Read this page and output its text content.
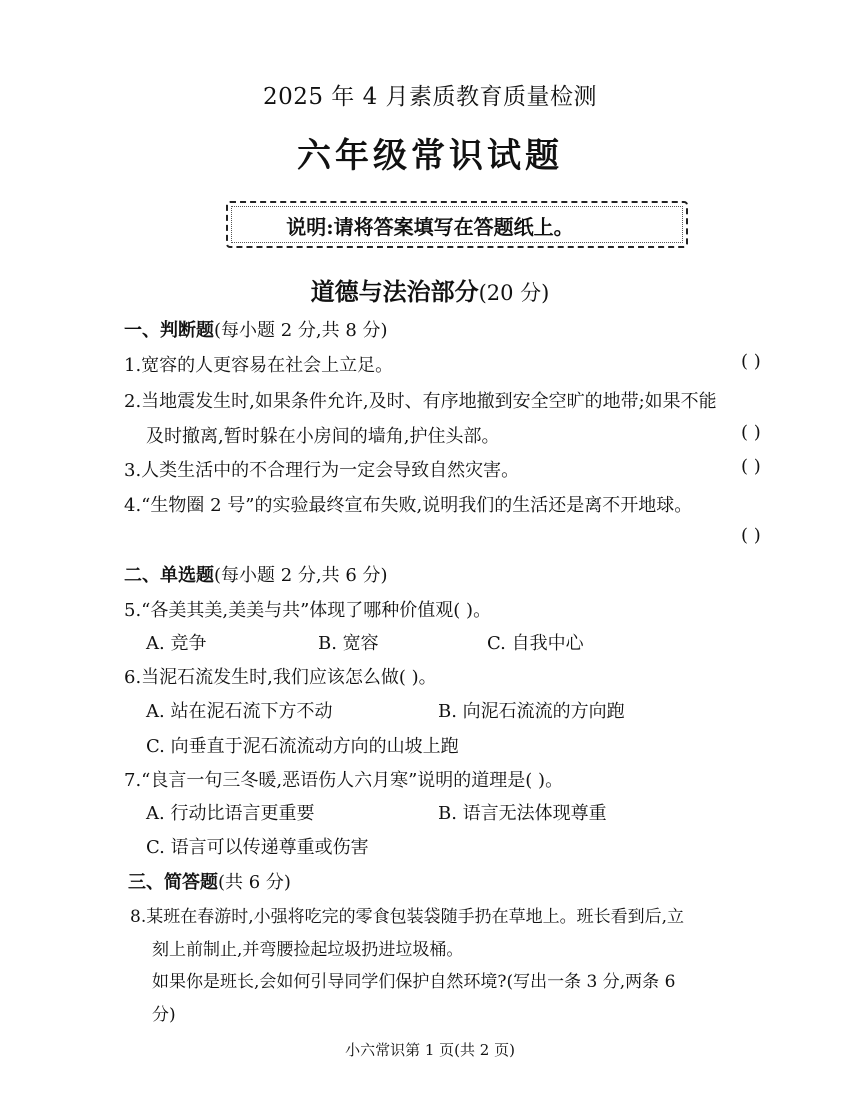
2025 年 4 月素质教育质量检测
六年级常识试题
说明:请将答案填写在答题纸上。
道德与法治部分(20 分)
一、判断题(每小题 2 分,共 8 分)
1.宽容的人更容易在社会上立足。	( )
2.当地震发生时,如果条件允许,及时、有序地撤到安全空旷的地带;如果不能
及时撤离,暂时躲在小房间的墙角,护住头部。	( )
3.人类生活中的不合理行为一定会导致自然灾害。	( )
4.“生物圈 2 号”的实验最终宣布失败,说明我们的生活还是离不开地球。
( )
二、单选题(每小题 2 分,共 6 分)
5.“各美其美,美美与共”体现了哪种价值观( )。
A. 竞争	B. 宽容	C. 自我中心
6.当泥石流发生时,我们应该怎么做( )。
A. 站在泥石流下方不动	B. 向泥石流流的方向跑
C. 向垂直于泥石流流动方向的山坡上跑
7.“良言一句三冬暖,恶语伤人六月寒”说明的道理是( )。
A. 行动比语言更重要	B. 语言无法体现尊重
C. 语言可以传递尊重或伤害
三、简答题(共 6 分)
8.某班在春游时,小强将吃完的零食包装袋随手扔在草地上。班长看到后,立
刻上前制止,并弯腰捡起垃圾扔进垃圾桶。
如果你是班长,会如何引导同学们保护自然环境?(写出一条 3 分,两条 6
分)
小六常识第 1 页(共 2 页)
